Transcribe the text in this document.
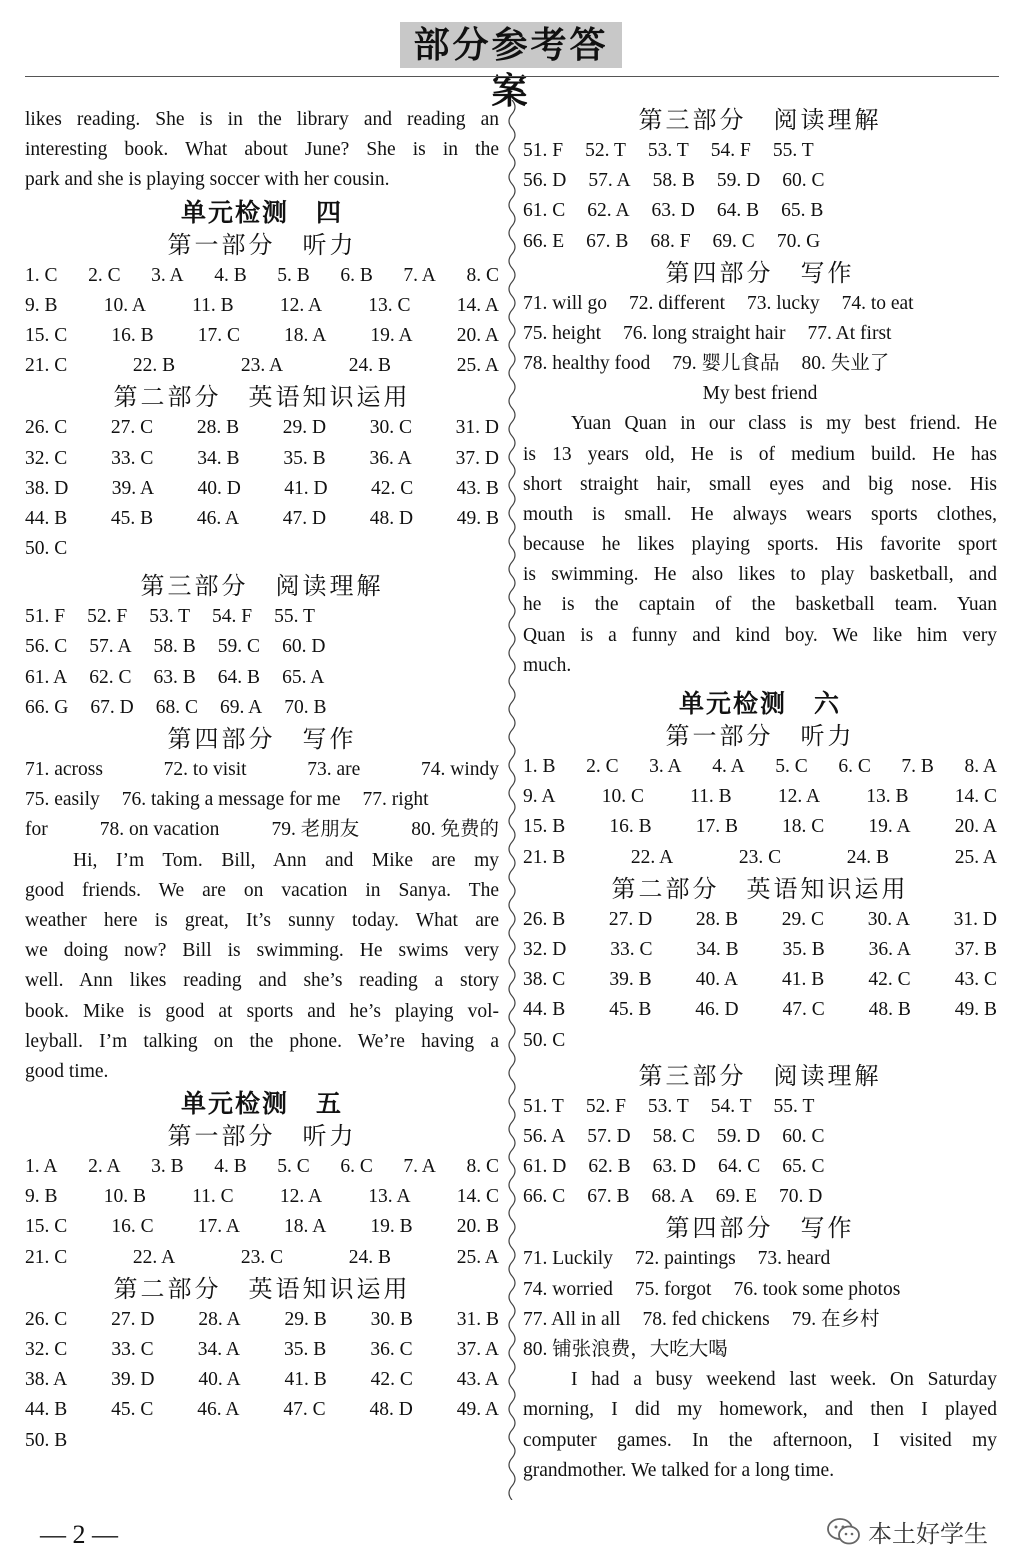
部分参考答案
likes reading. She is in the library and reading an
interesting book. What about June? She is in the
park and she is playing soccer with her cousin.
单元检测　四
第一部分　听力
1. C 2. C 3. A 4. B 5. B 6. B 7. A 8. C
9. B 10. A 11. B 12. A 13. C 14. A
15. C 16. B 17. C 18. A 19. A 20. A
21. C	22. B	23. A	24. B	25. A
第二部分　英语知识运用
26. C 27. C 28. B 29. D 30. C 31. D
32. C 33. C 34. B 35. B 36. A 37. D
38. D 39. A 40. D 41. D 42. C 43. B
44. B 45. B 46. A 47. D 48. D 49. B
50. C
第三部分　阅读理解
51. F 52. F 53. T 54. F 55. T
56. C 57. A 58. B 59. C 60. D
61. A 62. C 63. B 64. B 65. A
66. G 67. D 68. C 69. A 70. B
第四部分　写作
71. across	72. to visit	73. are	74. windy
75. easily 76. taking a message for me 77. right
for	78. on vacation	79. 老朋友	80. 免费的
Hi, I’m Tom. Bill, Ann and Mike are my
good friends. We are on vacation in Sanya. The
weather here is great, It’s sunny today. What are
we doing now? Bill is swimming. He swims very
well. Ann likes reading and she’s reading a story
book. Mike is good at sports and he’s playing vol-
leyball. I’m talking on the phone. We’re having a
good time.
单元检测　五
第一部分　听力
1. A 2. A 3. B 4. B 5. C 6. C 7. A 8. C
9. B 10. B 11. C 12. A 13. A 14. C
15. C 16. C 17. A 18. A 19. B 20. B
21. C	22. A	23. C	24. B	25. A
第二部分　英语知识运用
26. C 27. D 28. A 29. B 30. B 31. B
32. C 33. C 34. A 35. B 36. C 37. A
38. A 39. D 40. A 41. B 42. C 43. A
44. B 45. C 46. A 47. C 48. D 49. A
50. B
第三部分　阅读理解
51. F 52. T 53. T 54. F 55. T
56. D 57. A 58. B 59. D 60. C
61. C 62. A 63. D 64. B 65. B
66. E 67. B 68. F 69. C 70. G
第四部分　写作
71. will go 72. different 73. lucky 74. to eat
75. height 76. long straight hair 77. At first
78. healthy food 79. 婴儿食品 80. 失业了
My best friend
Yuan Quan in our class is my best friend. He
is 13 years old, He is of medium build. He has
short straight hair, small eyes and big nose. His
mouth is small. He always wears sports clothes,
because he likes playing sports. His favorite sport
is swimming. He also likes to play basketball, and
he is the captain of the basketball team. Yuan
Quan is a funny and kind boy. We like him very
much.
单元检测　六
第一部分　听力
1. B 2. C 3. A 4. A 5. C 6. C 7. B 8. A
9. A 10. C 11. B 12. A 13. B 14. C
15. B 16. B 17. B 18. C 19. A 20. A
21. B	22. A	23. C	24. B	25. A
第二部分　英语知识运用
26. B 27. D 28. B 29. C 30. A 31. D
32. D 33. C 34. B 35. B 36. A 37. B
38. C 39. B 40. A 41. B 42. C 43. C
44. B 45. B 46. D 47. C 48. B 49. B
50. C
第三部分　阅读理解
51. T 52. F 53. T 54. T 55. T
56. A 57. D 58. C 59. D 60. C
61. D 62. B 63. D 64. C 65. C
66. C 67. B 68. A 69. E 70. D
第四部分　写作
71. Luckily 72. paintings 73. heard
74. worried 75. forgot 76. took some photos
77. All in all 78. fed chickens 79. 在乡村
80. 铺张浪费，大吃大喝
I had a busy weekend last week. On Saturday
morning, I did my homework, and then I played
computer games. In the afternoon, I visited my
grandmother. We talked for a long time.
— 2 —	本土好学生
